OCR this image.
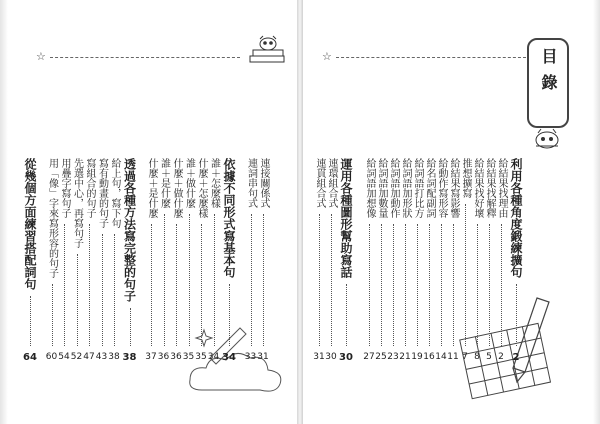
☆	☆	目錄
利用各種角度鍛練擴句
2
給結果找理由
2
給結果找解釋
5
給結果找好壞
8
推想擴寫
7
給結果寫影響
11
給動作寫形容
14
給名詞配副詞
16
給詞語打比方
19
給詞語加形狀
21
給詞語加動作
23
給詞語加數量
25
給詞語加想像
27
運用各種圖形幫助寫話
30
連環組合式
30
連貫組合式
31
連接關係式
31
連詞串句式
33
依據不同形式寫基本句
34
誰＋怎麼樣
34
什麼＋怎麼樣
35
誰＋做什麼
35
什麼＋做什麼
36
誰＋是什麼
36
什麼＋是什麼
37
透過各種方法寫完整的句子
38
給上句，寫下句
38
寫有動畫的句子
43
寫組合的句子
47
先選中心，再寫句子
52
用疊字寫句子
54
用「像」字來寫形容的句子
60
從幾個方面練習搭配詞句
64
